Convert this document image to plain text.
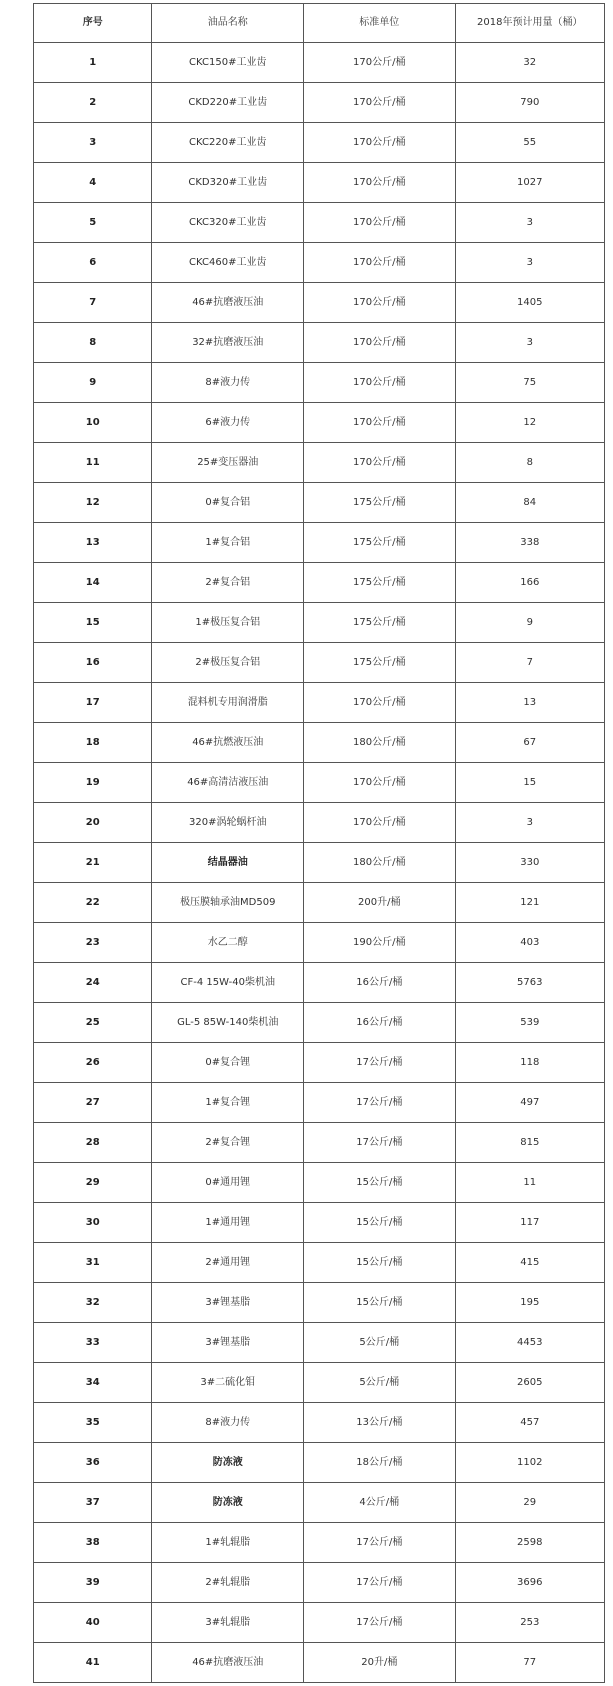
序号	油品名称	标准单位	2018年预计用量（桶）
1	CKC150#工业齿	170公斤/桶	32
2	CKD220#工业齿	170公斤/桶	790
3	CKC220#工业齿	170公斤/桶	55
4	CKD320#工业齿	170公斤/桶	1027
5	CKC320#工业齿	170公斤/桶	3
6	CKC460#工业齿	170公斤/桶	3
7	46#抗磨液压油	170公斤/桶	1405
8	32#抗磨液压油	170公斤/桶	3
9	8#液力传	170公斤/桶	75
10	6#液力传	170公斤/桶	12
11	25#变压器油	170公斤/桶	8
12	0#复合铝	175公斤/桶	84
13	1#复合铝	175公斤/桶	338
14	2#复合铝	175公斤/桶	166
15	1#极压复合铝	175公斤/桶	9
16	2#极压复合铝	175公斤/桶	7
17	混料机专用润滑脂	170公斤/桶	13
18	46#抗燃液压油	180公斤/桶	67
19	46#高清洁液压油	170公斤/桶	15
20	320#涡轮蜗杆油	170公斤/桶	3
21	结晶器油	180公斤/桶	330
22	极压膜轴承油MD509	200升/桶	121
23	水乙二醇	190公斤/桶	403
24	CF-4 15W-40柴机油	16公斤/桶	5763
25	GL-5 85W-140柴机油	16公斤/桶	539
26	0#复合锂	17公斤/桶	118
27	1#复合锂	17公斤/桶	497
28	2#复合锂	17公斤/桶	815
29	0#通用锂	15公斤/桶	11
30	1#通用锂	15公斤/桶	117
31	2#通用锂	15公斤/桶	415
32	3#锂基脂	15公斤/桶	195
33	3#锂基脂	5公斤/桶	4453
34	3#二硫化钼	5公斤/桶	2605
35	8#液力传	13公斤/桶	457
36	防冻液	18公斤/桶	1102
37	防冻液	4公斤/桶	29
38	1#轧辊脂	17公斤/桶	2598
39	2#轧辊脂	17公斤/桶	3696
40	3#轧辊脂	17公斤/桶	253
41	46#抗磨液压油	20升/桶	77
